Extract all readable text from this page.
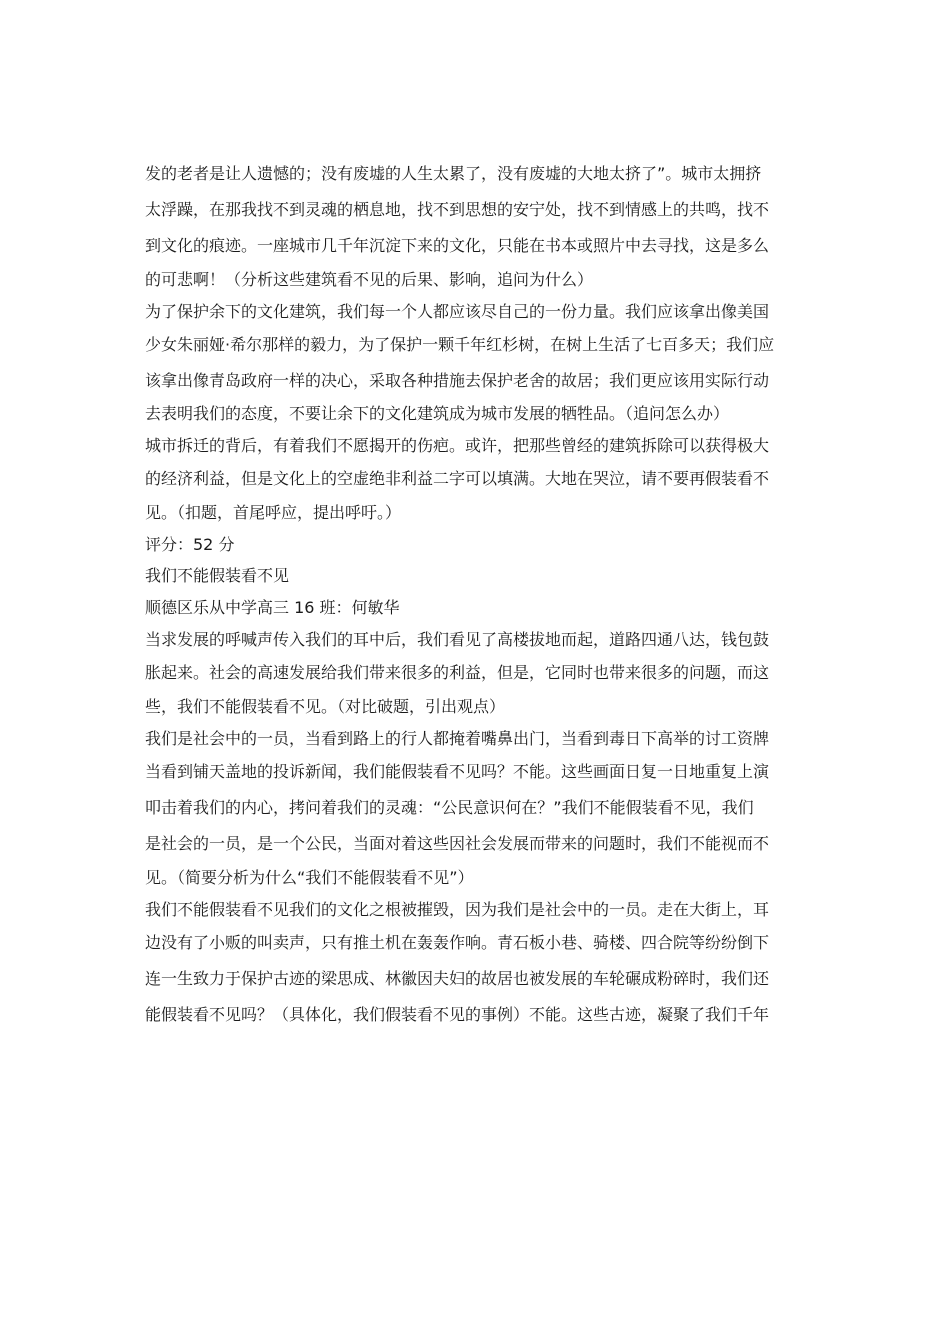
发的老者是让人遗憾的；没有废墟的人生太累了，没有废墟的大地太挤了”。城市太拥挤
太浮躁，在那我找不到灵魂的栖息地，找不到思想的安宁处，找不到情感上的共鸣，找不
到文化的痕迹。一座城市几千年沉淀下来的文化，只能在书本或照片中去寻找，这是多么
的可悲啊！（分析这些建筑看不见的后果、影响，追问为什么）
为了保护余下的文化建筑，我们每一个人都应该尽自己的一份力量。我们应该拿出像美国
少女朱丽娅·希尔那样的毅力，为了保护一颗千年红杉树，在树上生活了七百多天；我们应
该拿出像青岛政府一样的决心，采取各种措施去保护老舍的故居；我们更应该用实际行动
去表明我们的态度，不要让余下的文化建筑成为城市发展的牺牲品。（追问怎么办）
城市拆迁的背后，有着我们不愿揭开的伤疤。或许，把那些曾经的建筑拆除可以获得极大
的经济利益，但是文化上的空虚绝非利益二字可以填满。大地在哭泣，请不要再假装看不
见。（扣题，首尾呼应，提出呼吁。）
评分：52 分
我们不能假装看不见
顺德区乐从中学高三 16 班：何敏华
当求发展的呼喊声传入我们的耳中后，我们看见了高楼拔地而起，道路四通八达，钱包鼓
胀起来。社会的高速发展给我们带来很多的利益，但是，它同时也带来很多的问题，而这
些，我们不能假装看不见。（对比破题，引出观点）
我们是社会中的一员，当看到路上的行人都掩着嘴鼻出门，当看到毒日下高举的讨工资牌
当看到铺天盖地的投诉新闻，我们能假装看不见吗？不能。这些画面日复一日地重复上演
叩击着我们的内心，拷问着我们的灵魂：“公民意识何在？”我们不能假装看不见，我们
是社会的一员，是一个公民，当面对着这些因社会发展而带来的问题时，我们不能视而不
见。（简要分析为什么“我们不能假装看不见”）
我们不能假装看不见我们的文化之根被摧毁，因为我们是社会中的一员。走在大街上，耳
边没有了小贩的叫卖声，只有推土机在轰轰作响。青石板小巷、骑楼、四合院等纷纷倒下
连一生致力于保护古迹的梁思成、林徽因夫妇的故居也被发展的车轮碾成粉碎时，我们还
能假装看不见吗？（具体化，我们假装看不见的事例）不能。这些古迹，凝聚了我们千年
